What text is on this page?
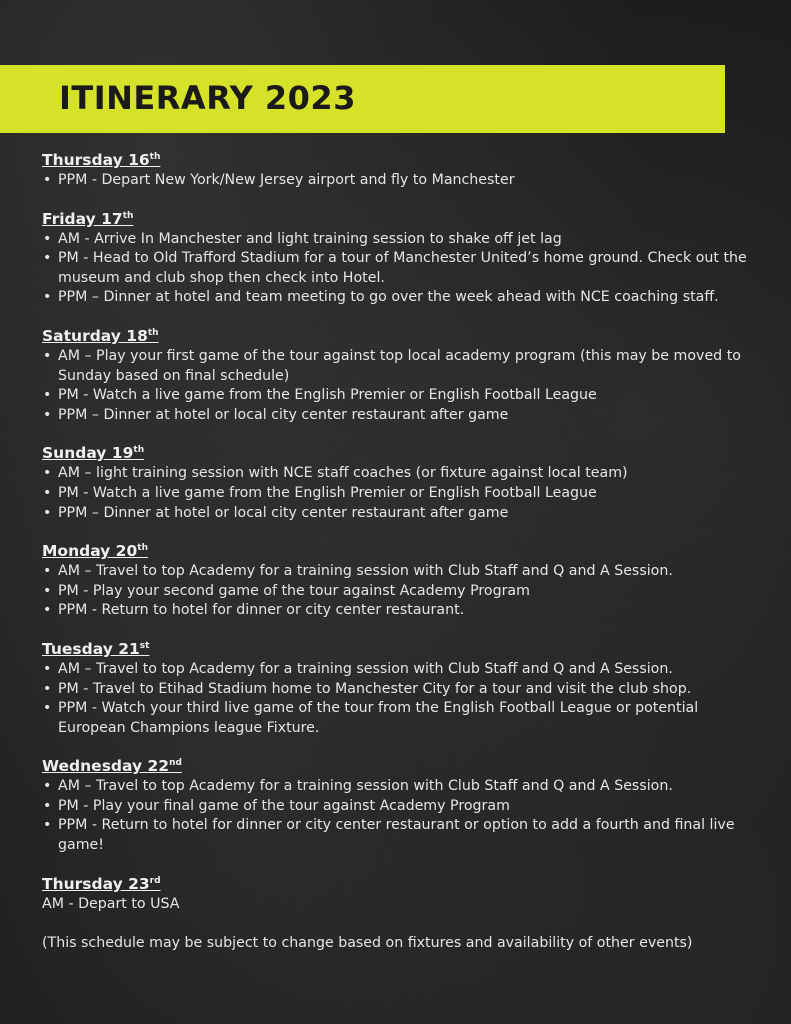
ITINERARY 2023
Thursday 16th
• PPM - Depart New York/New Jersey airport and fly to Manchester
Friday 17th
• AM - Arrive In Manchester and light training session to shake off jet lag
• PM - Head to Old Trafford Stadium for a tour of Manchester United’s home ground. Check out the museum and club shop then check into Hotel.
• PPM – Dinner at hotel and team meeting to go over the week ahead with NCE coaching staff.
Saturday 18th
• AM – Play your first game of the tour against top local academy program (this may be moved to Sunday based on final schedule)
• PM - Watch a live game from the English Premier or English Football League
• PPM – Dinner at hotel or local city center restaurant after game
Sunday 19th
• AM – light training session with NCE staff coaches (or fixture against local team)
• PM - Watch a live game from the English Premier or English Football League
• PPM – Dinner at hotel or local city center restaurant after game
Monday 20th
• AM – Travel to top Academy for a training session with Club Staff and Q and A Session.
• PM - Play your second game of the tour against Academy Program
• PPM - Return to hotel for dinner or city center restaurant.
Tuesday 21st
• AM – Travel to top Academy for a training session with Club Staff and Q and A Session.
• PM - Travel to Etihad Stadium home to Manchester City for a tour and visit the club shop.
• PPM - Watch your third live game of the tour from the English Football League or potential European Champions league Fixture.
Wednesday 22nd
• AM – Travel to top Academy for a training session with Club Staff and Q and A Session.
• PM - Play your final game of the tour against Academy Program
• PPM - Return to hotel for dinner or city center restaurant or option to add a fourth and final live game!
Thursday 23rd

AM - Depart to USA

(This schedule may be subject to change based on fixtures and availability of other events)
